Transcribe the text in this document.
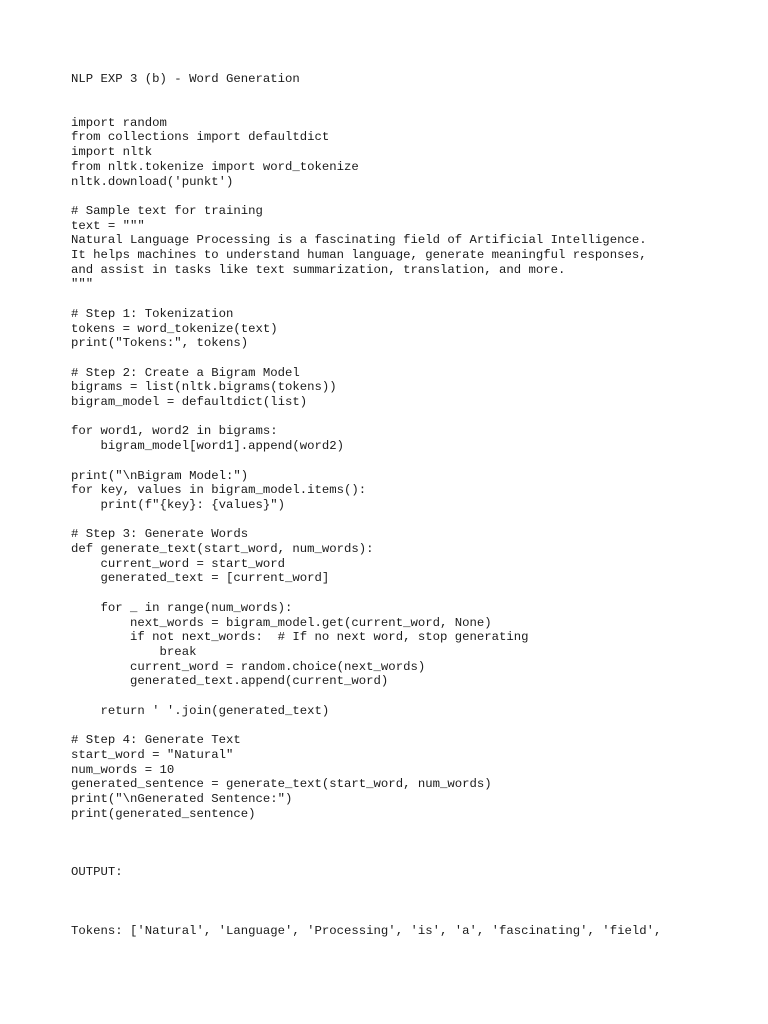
NLP EXP 3 (b) - Word Generation
import random
from collections import defaultdict
import nltk
from nltk.tokenize import word_tokenize
nltk.download('punkt')
# Sample text for training
text = """
Natural Language Processing is a fascinating field of Artificial Intelligence.
It helps machines to understand human language, generate meaningful responses,
and assist in tasks like text summarization, translation, and more.
"""
# Step 1: Tokenization
tokens = word_tokenize(text)
print("Tokens:", tokens)
# Step 2: Create a Bigram Model
bigrams = list(nltk.bigrams(tokens))
bigram_model = defaultdict(list)
for word1, word2 in bigrams:
bigram_model[word1].append(word2)
print("\nBigram Model:")
for key, values in bigram_model.items():
print(f"{key}: {values}")
# Step 3: Generate Words
def generate_text(start_word, num_words):
current_word = start_word
generated_text = [current_word]
for _ in range(num_words):
next_words = bigram_model.get(current_word, None)
if not next_words:  # If no next word, stop generating
break
current_word = random.choice(next_words)
generated_text.append(current_word)
return ' '.join(generated_text)
# Step 4: Generate Text
start_word = "Natural"
num_words = 10
generated_sentence = generate_text(start_word, num_words)
print("\nGenerated Sentence:")
print(generated_sentence)
OUTPUT:
Tokens: ['Natural', 'Language', 'Processing', 'is', 'a', 'fascinating', 'field',
